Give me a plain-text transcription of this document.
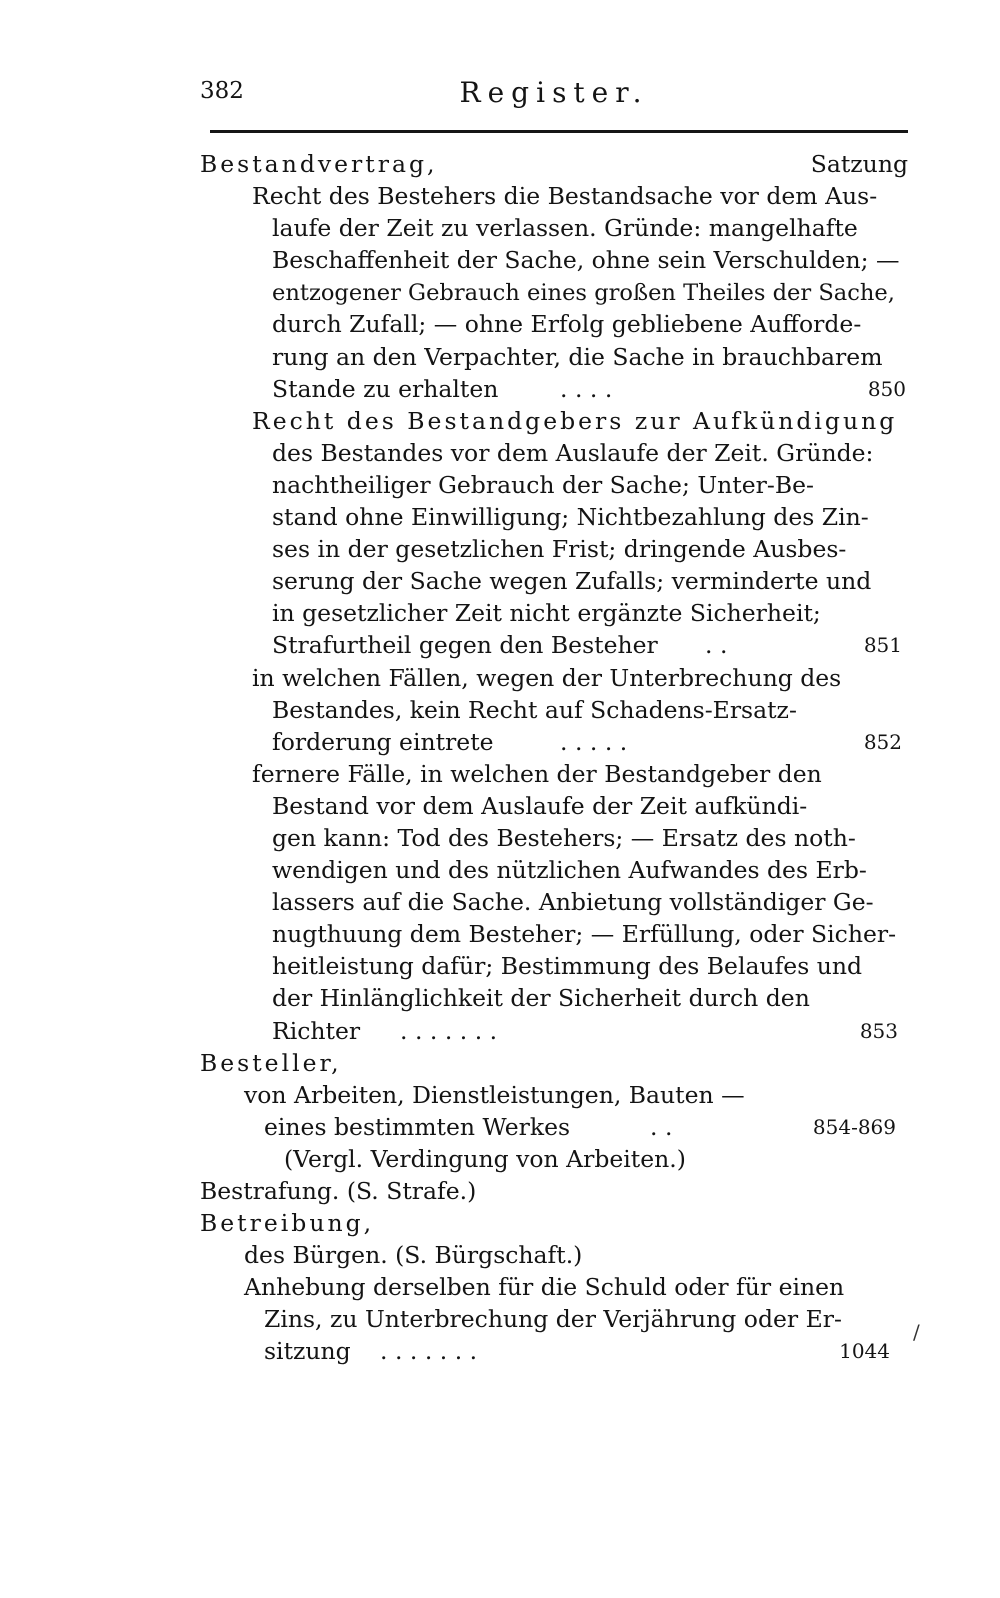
382	Register.
Bestandvertrag,	Satzung
Recht des Bestehers die Bestandsache vor dem Aus-
laufe der Zeit zu verlassen. Gründe: mangelhafte
Beschaffenheit der Sache, ohne sein Verschulden; —
entzogener Gebrauch eines großen Theiles der Sache,
durch Zufall; — ohne Erfolg gebliebene Aufforde-
rung an den Verpachter, die Sache in brauchbarem
Stande zu erhalten	. . . .	850
Recht des Bestandgebers zur Aufkündigung
des Bestandes vor dem Auslaufe der Zeit. Gründe:
nachtheiliger Gebrauch der Sache; Unter-Be-
stand ohne Einwilligung; Nichtbezahlung des Zin-
ses in der gesetzlichen Frist; dringende Ausbes-
serung der Sache wegen Zufalls; verminderte und
in gesetzlicher Zeit nicht ergänzte Sicherheit;
Strafurtheil gegen den Besteher . .	851
in welchen Fällen, wegen der Unterbrechung des
Bestandes, kein Recht auf Schadens-Ersatz-
forderung eintrete	. . . . .	852
fernere Fälle, in welchen der Bestandgeber den
Bestand vor dem Auslaufe der Zeit aufkündi-
gen kann: Tod des Bestehers; — Ersatz des noth-
wendigen und des nützlichen Aufwandes des Erb-
lassers auf die Sache. Anbietung vollständiger Ge-
nugthuung dem Besteher; — Erfüllung, oder Sicher-
heitleistung dafür; Bestimmung des Belaufes und
der Hinlänglichkeit der Sicherheit durch den
Richter . . . . . . .	853
Besteller,
von Arbeiten, Dienstleistungen, Bauten —
eines bestimmten Werkes	. .	854-869
(Vergl. Verdingung von Arbeiten.)
Bestrafung. (S. Strafe.)
Betreibung,
des Bürgen. (S. Bürgschaft.)
Anhebung derselben für die Schuld oder für einen
Zins, zu Unterbrechung der Verjährung oder Er-
sitzung . . . . . . .	1044
/
